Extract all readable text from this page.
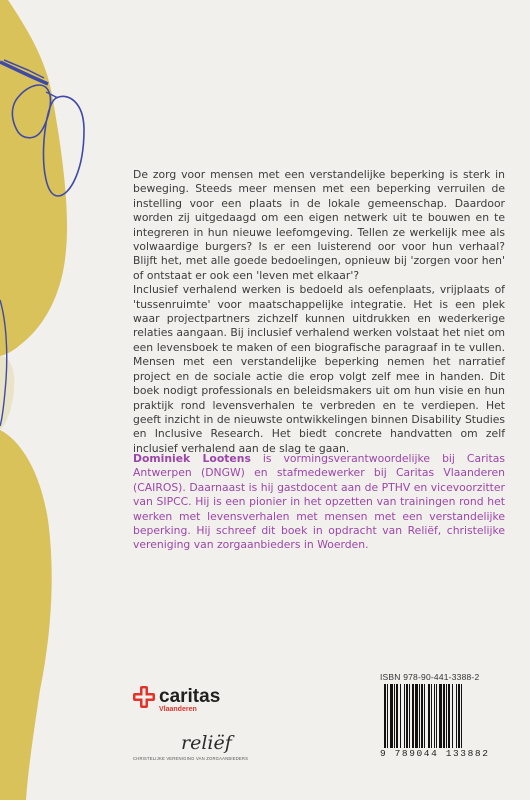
De zorg voor mensen met een verstandelijke beperking is sterk in beweging. Steeds meer mensen met een beperking verruilen de instelling voor een plaats in de lokale gemeenschap. Daardoor worden zij uitgedaagd om een eigen netwerk uit te bouwen en te integreren in hun nieuwe leefomgeving. Tellen ze werkelijk mee als volwaardige burgers? Is er een luisterend oor voor hun verhaal? Blijft het, met alle goede bedoelingen, opnieuw bij 'zorgen voor hen' of ontstaat er ook een 'leven met elkaar'?

Inclusief verhalend werken is bedoeld als oefenplaats, vrijplaats of 'tussenruimte' voor maatschappelijke integratie. Het is een plek waar projectpartners zichzelf kunnen uitdrukken en wederkerige relaties aangaan. Bij inclusief verhalend werken volstaat het niet om een levensboek te maken of een biografische paragraaf in te vullen. Mensen met een verstandelijke beperking nemen het narratief project en de sociale actie die erop volgt zelf mee in handen. Dit boek nodigt professionals en beleidsmakers uit om hun visie en hun praktijk rond levensverhalen te verbreden en te verdiepen. Het geeft inzicht in de nieuwste ontwikkelingen binnen Disability Studies en Inclusive Research. Het biedt concrete handvatten om zelf inclusief verhalend aan de slag te gaan.

Dominiek Lootens is vormingsverantwoordelijke bij Caritas Antwerpen (DNGW) en stafmedewerker bij Caritas Vlaanderen (CAIROS). Daarnaast is hij gastdocent aan de PTHV en vicevoorzitter van SIPCC. Hij is een pionier in het opzetten van trainingen rond het werken met levensverhalen met mensen met een verstandelijke beperking. Hij schreef dit boek in opdracht van Reliëf, christelijke vereniging van zorgaanbieders in Woerden.
caritas
Vlaanderen
reliëf
CHRISTELIJKE VERENIGING VAN ZORGAANBIEDERS
ISBN 978-90-441-3388-2
9 789044 133882
